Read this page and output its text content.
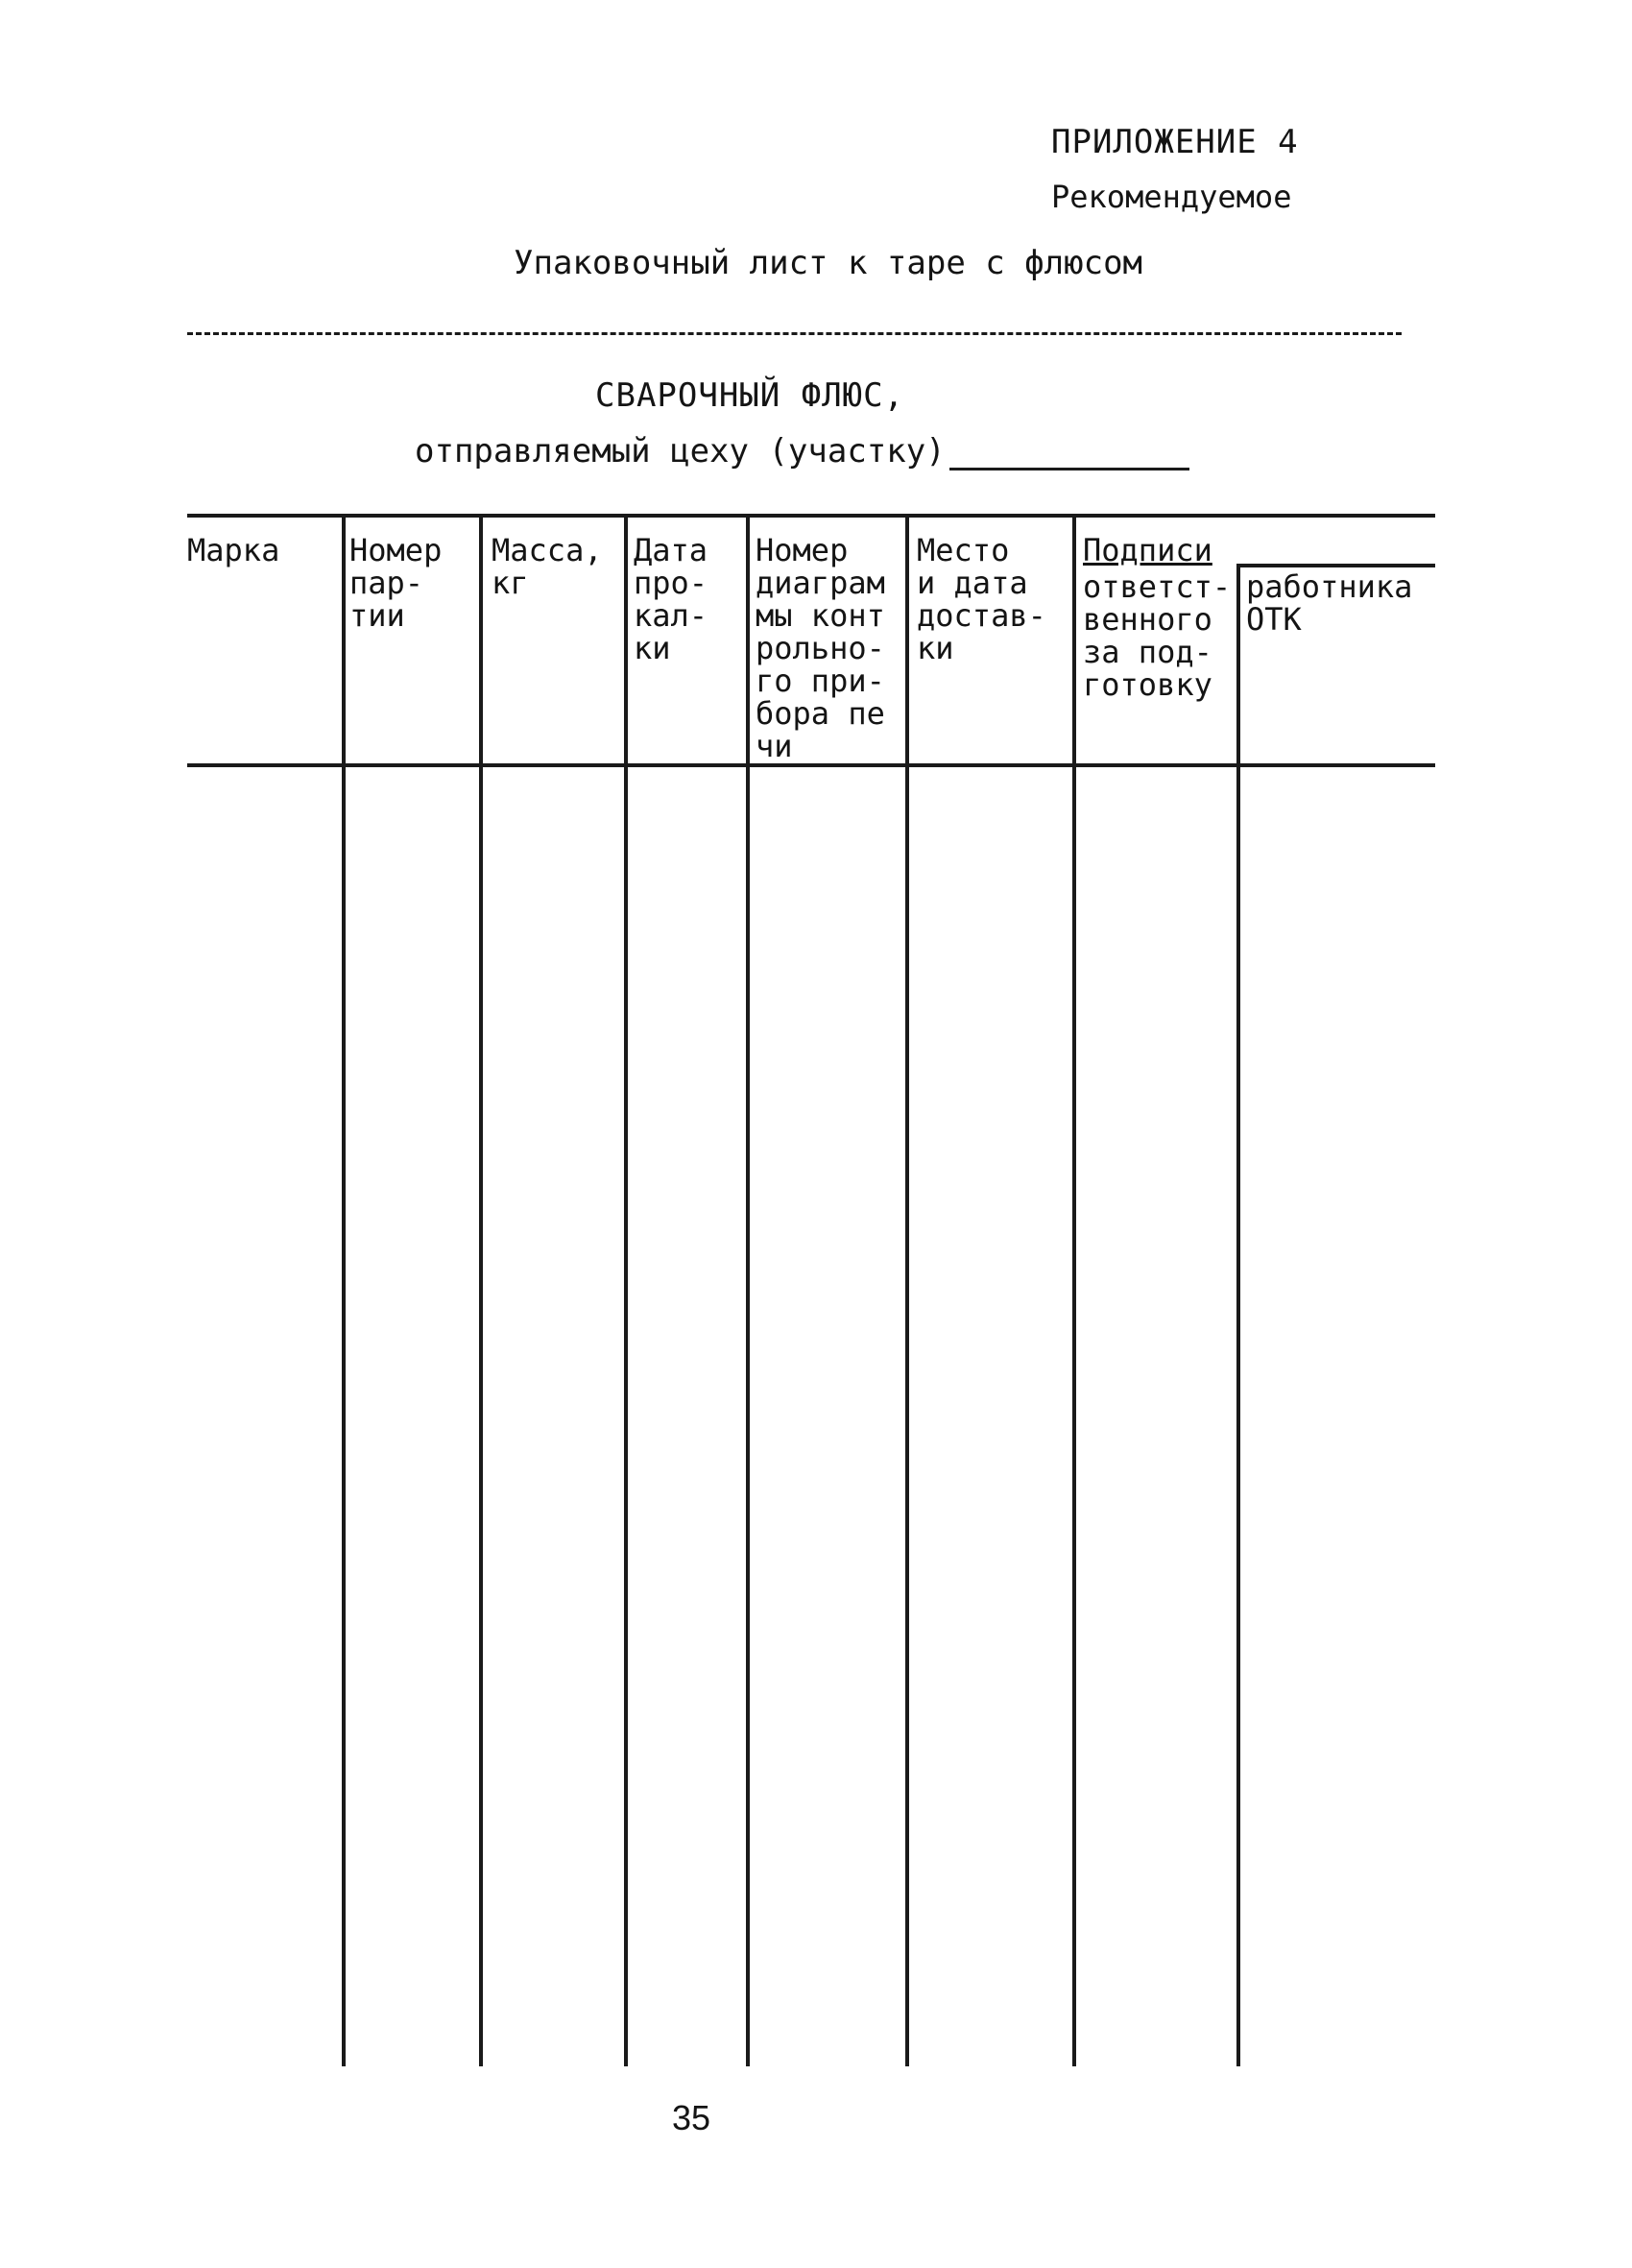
ПРИЛОЖЕНИЕ 4
Рекомендуемое
Упаковочный лист к таре с флюсом
СВАРОЧНЫЙ ФЛЮС,
отправляемый цеху (участку)
Марка Номер
пар-
тии
Масса,
кг
Дата
про-
кал-
ки
Номер
диаграм
мы конт
рольно-
го при-
бора пе
чи
Место
и дата
достав-
ки
Подписи
ответст-
венного
за под-
готовку
работника
ОТК
35
